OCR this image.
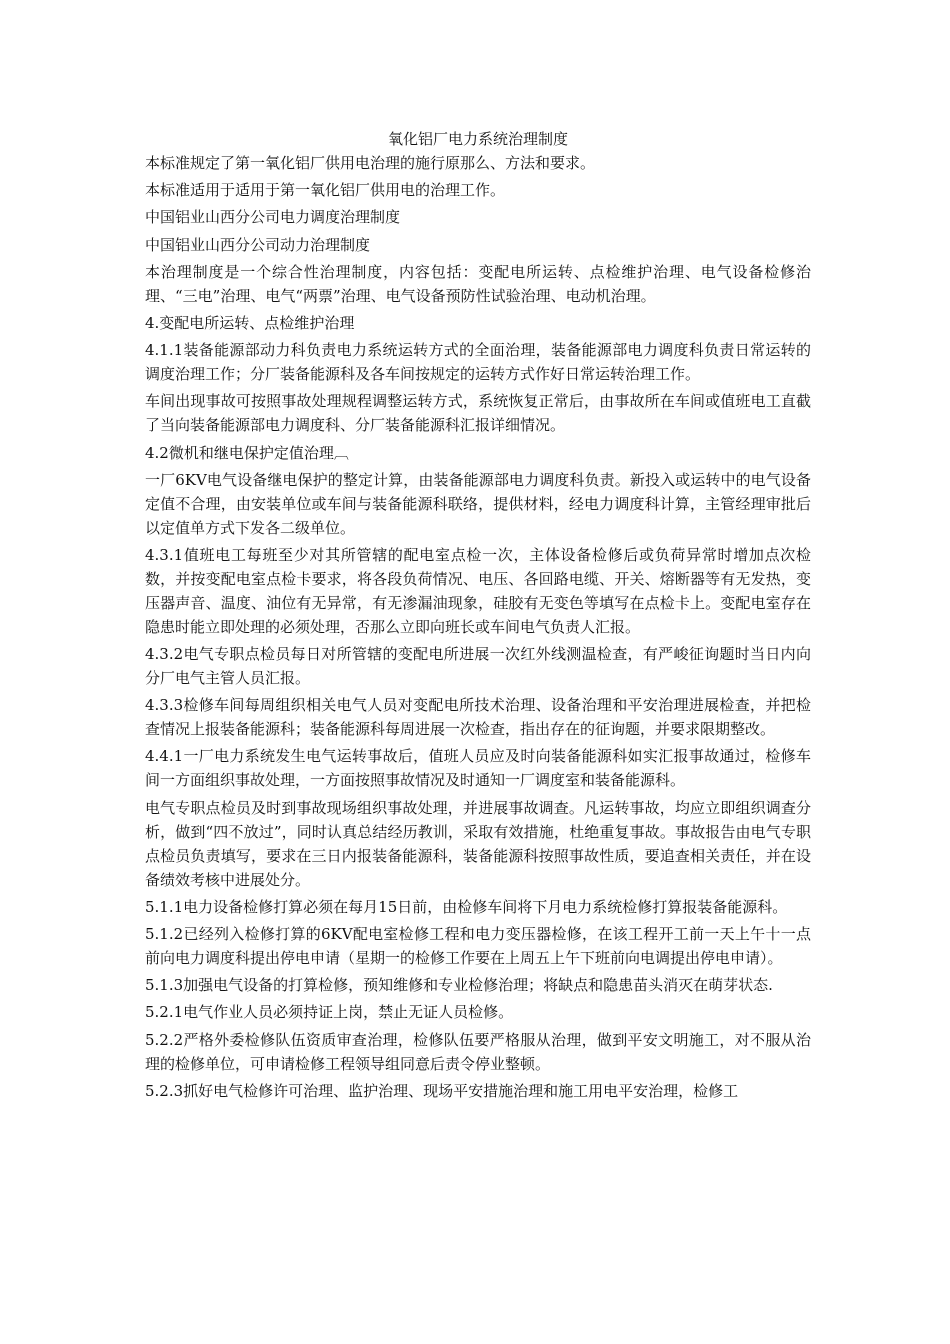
氧化铝厂电力系统治理制度

本标准规定了第一氧化铝厂供用电治理的施行原那么、方法和要求。

本标准适用于适用于第一氧化铝厂供用电的治理工作。

中国铝业山西分公司电力调度治理制度

中国铝业山西分公司动力治理制度

本治理制度是一个综合性治理制度，内容包括：变配电所运转、点检维护治理、电气设备检修治理、“三电”治理、电气“两票”治理、电气设备预防性试验治理、电动机治理。

4.变配电所运转、点检维护治理

4.1.1装备能源部动力科负责电力系统运转方式的全面治理，装备能源部电力调度科负责日常运转的调度治理工作；分厂装备能源科及各车间按规定的运转方式作好日常运转治理工作。

车间出现事故可按照事故处理规程调整运转方式，系统恢复正常后，由事故所在车间或值班电工直截了当向装备能源部电力调度科、分厂装备能源科汇报详细情况。

4.2微机和继电保护定值治理︹

一厂6KV电气设备继电保护的整定计算，由装备能源部电力调度科负责。新投入或运转中的电气设备定值不合理，由安装单位或车间与装备能源科联络，提供材料，经电力调度科计算，主管经理审批后以定值单方式下发各二级单位。

4.3.1值班电工每班至少对其所管辖的配电室点检一次，主体设备检修后或负荷异常时增加点次检数，并按变配电室点检卡要求，将各段负荷情况、电压、各回路电缆、开关、熔断器等有无发热，变压器声音、温度、油位有无异常，有无渗漏油现象，硅胶有无变色等填写在点检卡上。变配电室存在隐患时能立即处理的必须处理，否那么立即向班长或车间电气负责人汇报。

4.3.2电气专职点检员每日对所管辖的变配电所进展一次红外线测温检查，有严峻征询题时当日内向分厂电气主管人员汇报。

4.3.3检修车间每周组织相关电气人员对变配电所技术治理、设备治理和平安治理进展检查，并把检查情况上报装备能源科；装备能源科每周进展一次检查，指出存在的征询题，并要求限期整改。

4.4.1一厂电力系统发生电气运转事故后，值班人员应及时向装备能源科如实汇报事故通过，检修车间一方面组织事故处理，一方面按照事故情况及时通知一厂调度室和装备能源科。

电气专职点检员及时到事故现场组织事故处理，并进展事故调查。凡运转事故，均应立即组织调查分析，做到“四不放过”，同时认真总结经历教训，采取有效措施，杜绝重复事故。事故报告由电气专职点检员负责填写，要求在三日内报装备能源科，装备能源科按照事故性质，要追查相关责任，并在设备绩效考核中进展处分。

5.1.1电力设备检修打算必须在每月15日前，由检修车间将下月电力系统检修打算报装备能源科。

5.1.2已经列入检修打算的6KV配电室检修工程和电力变压器检修，在该工程开工前一天上午十一点前向电力调度科提出停电申请（星期一的检修工作要在上周五上午下班前向电调提出停电申请）。

5.1.3加强电气设备的打算检修，预知维修和专业检修治理；将缺点和隐患苗头消灭在萌芽状态.

5.2.1电气作业人员必须持证上岗，禁止无证人员检修。

5.2.2严格外委检修队伍资质审查治理，检修队伍要严格服从治理，做到平安文明施工，对不服从治理的检修单位，可申请检修工程领导组同意后责令停业整顿。

5.2.3抓好电气检修许可治理、监护治理、现场平安措施治理和施工用电平安治理，检修工
